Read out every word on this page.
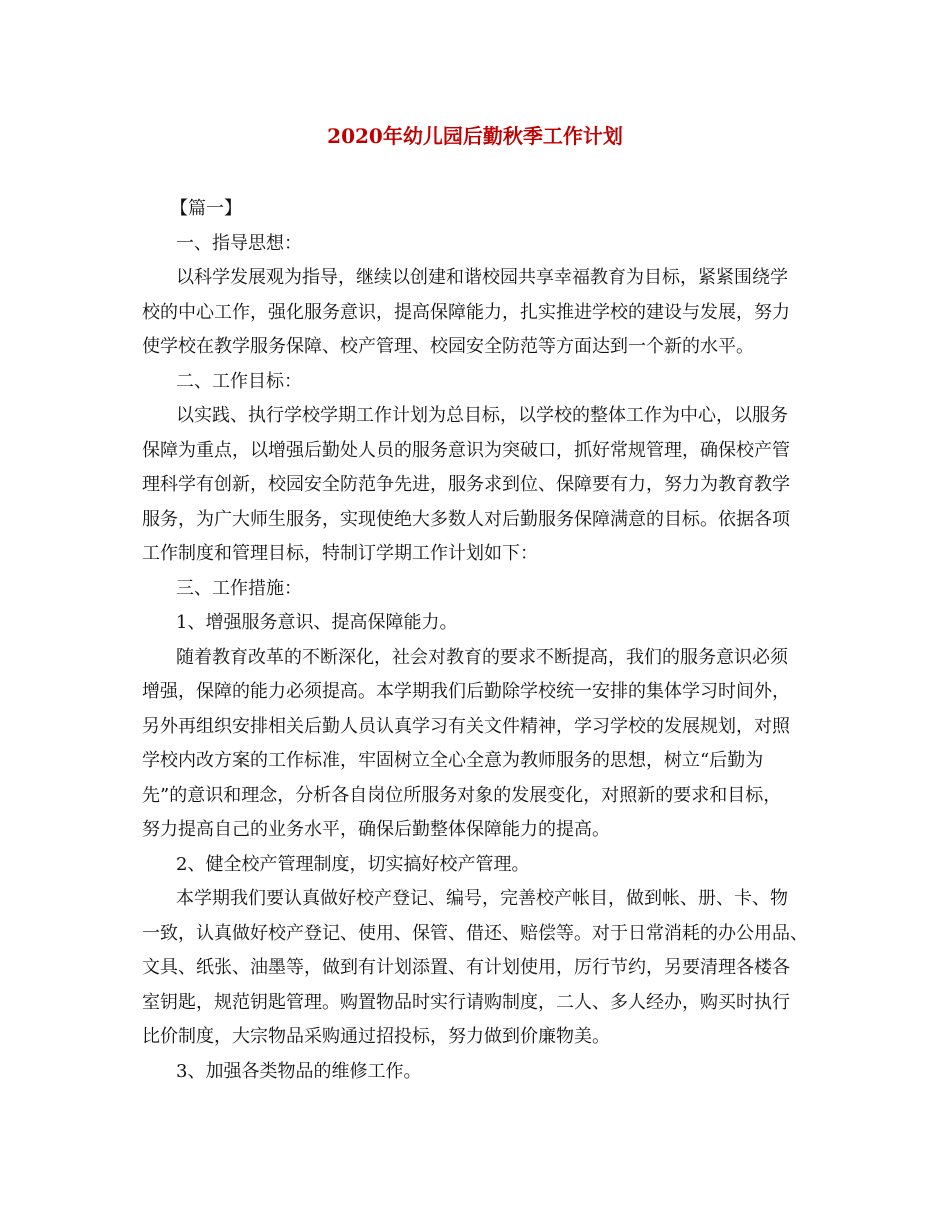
2020年幼儿园后勤秋季工作计划
【篇一】
一、指导思想：
以科学发展观为指导，继续以创建和谐校园共享幸福教育为目标，紧紧围绕学
校的中心工作，强化服务意识，提高保障能力，扎实推进学校的建设与发展，努力
使学校在教学服务保障、校产管理、校园安全防范等方面达到一个新的水平。
二、工作目标：
以实践、执行学校学期工作计划为总目标，以学校的整体工作为中心，以服务
保障为重点，以增强后勤处人员的服务意识为突破口，抓好常规管理，确保校产管
理科学有创新，校园安全防范争先进，服务求到位、保障要有力，努力为教育教学
服务，为广大师生服务，实现使绝大多数人对后勤服务保障满意的目标。依据各项
工作制度和管理目标，特制订学期工作计划如下：
三、工作措施：
1、增强服务意识、提高保障能力。
随着教育改革的不断深化，社会对教育的要求不断提高，我们的服务意识必须
增强，保障的能力必须提高。本学期我们后勤除学校统一安排的集体学习时间外，
另外再组织安排相关后勤人员认真学习有关文件精神，学习学校的发展规划，对照
学校内改方案的工作标准，牢固树立全心全意为教师服务的思想，树立“后勤为
先”的意识和理念，分析各自岗位所服务对象的发展变化，对照新的要求和目标，
努力提高自己的业务水平，确保后勤整体保障能力的提高。
2、健全校产管理制度，切实搞好校产管理。
本学期我们要认真做好校产登记、编号，完善校产帐目，做到帐、册、卡、物
一致，认真做好校产登记、使用、保管、借还、赔偿等。对于日常消耗的办公用品、
文具、纸张、油墨等，做到有计划添置、有计划使用，厉行节约，另要清理各楼各
室钥匙，规范钥匙管理。购置物品时实行请购制度，二人、多人经办，购买时执行
比价制度，大宗物品采购通过招投标，努力做到价廉物美。
3、加强各类物品的维修工作。
